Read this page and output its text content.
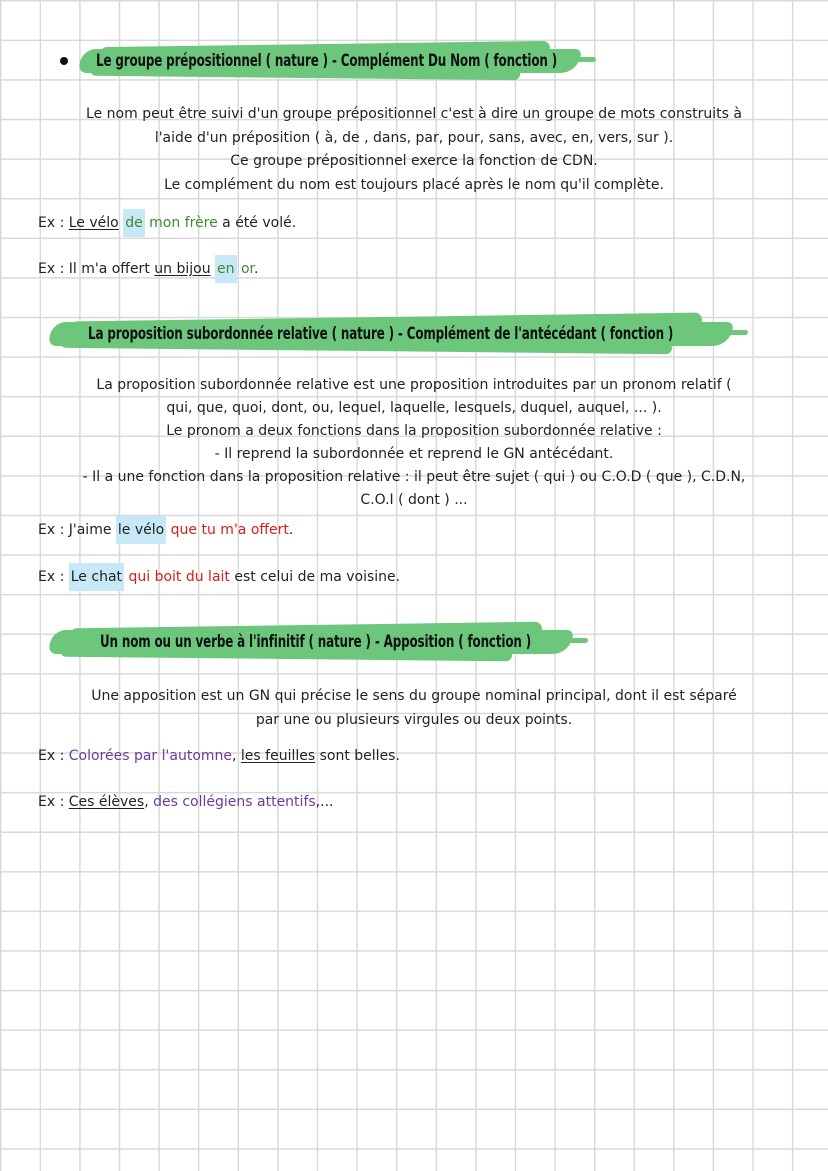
Le groupe prépositionnel ( nature ) - Complément Du Nom ( fonction )

Le nom peut être suivi d'un groupe prépositionnel c'est à dire un groupe de mots construits à

l'aide d'un préposition ( à, de , dans, par, pour, sans, avec, en, vers, sur ).

Ce groupe prépositionnel exerce la fonction de CDN.

Le complément du nom est toujours placé après le nom qu'il complète.

Ex : Le vélo de mon frère a été volé.
Ex : Il m'a offert un bijou en or.
La proposition subordonnée relative ( nature ) - Complément de l'antécédant ( fonction )

La proposition subordonnée relative est une proposition introduites par un pronom relatif (

qui, que, quoi, dont, ou, lequel, laquelle, lesquels, duquel, auquel, ... ).

Le pronom a deux fonctions dans la proposition subordonnée relative :

- Il reprend la subordonnée et reprend le GN antécédant.

- Il a une fonction dans la proposition relative : il peut être sujet ( qui ) ou C.O.D ( que ), C.D.N,

C.O.I ( dont ) ...

Ex : J'aime le vélo que tu m'a offert.
Ex : Le chat qui boit du lait est celui de ma voisine.
Un nom ou un verbe à l'infinitif ( nature ) - Apposition ( fonction )

Une apposition est un GN qui précise le sens du groupe nominal principal, dont il est séparé

par une ou plusieurs virgules ou deux points.

Ex : Colorées par l'automne, les feuilles sont belles.
Ex : Ces élèves, des collégiens attentifs,...
